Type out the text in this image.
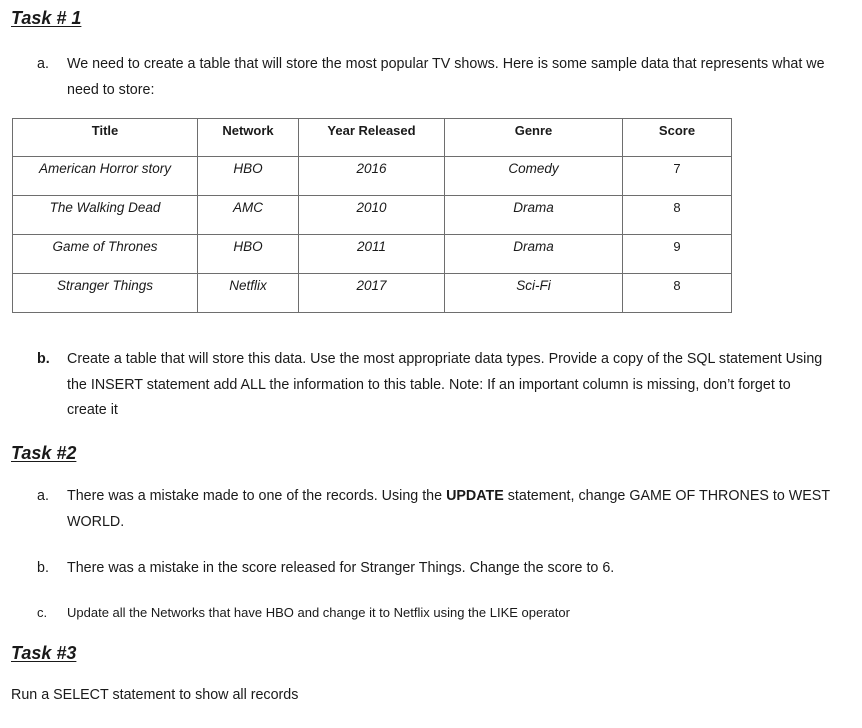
Task # 1
a. We need to create a table that will store the most popular TV shows. Here is some sample data that represents what we need to store:

Title	Network	Year Released	Genre	Score
American Horror story	HBO	2016	Comedy	7
The Walking Dead	AMC	2010	Drama	8
Game of Thrones	HBO	2011	Drama	9
Stranger Things	Netflix	2017	Sci-Fi	8
b. Create a table that will store this data. Use the most appropriate data types. Provide a copy of the SQL statement Using the INSERT statement add ALL the information to this table. Note: If an important column is missing, don’t forget to create it

Task #2
a. There was a mistake made to one of the records. Using the UPDATE statement, change GAME OF THRONES to WEST WORLD.

b. There was a mistake in the score released for Stranger Things. Change the score to 6.

c. Update all the Networks that have HBO and change it to Netflix using the LIKE operator

Task #3

Run a SELECT statement to show all records
